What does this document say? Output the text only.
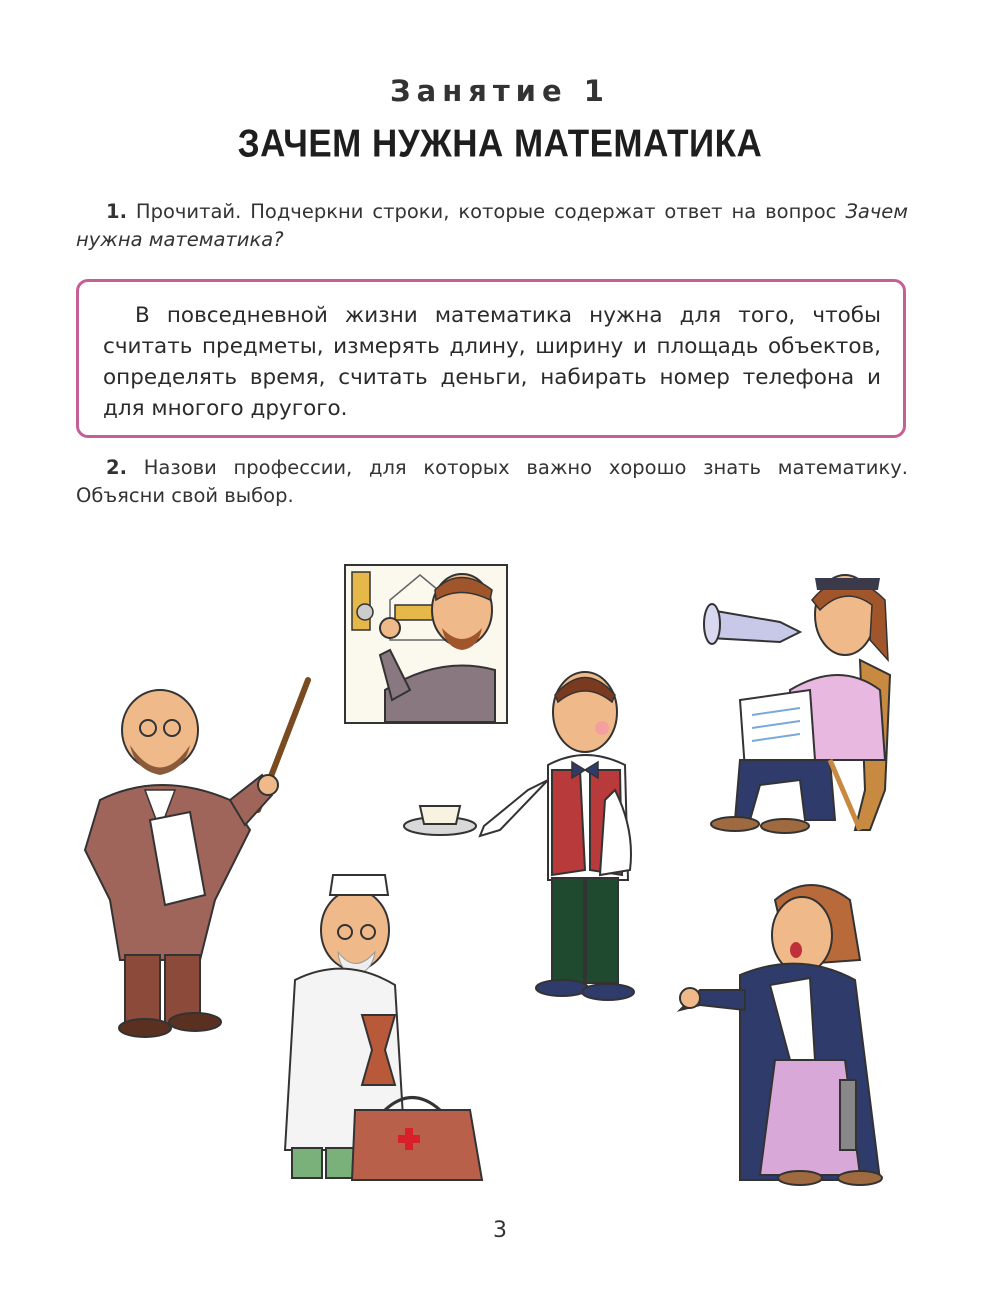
Занятие 1
ЗАЧЕМ НУЖНА МАТЕМАТИКА
1. Прочитай. Подчеркни строки, которые содержат ответ на вопрос Зачем нужна математика?

В повседневной жизни математика нужна для того, чтобы считать предметы, измерять длину, ширину и площадь объектов, определять время, считать деньги, набирать номер телефона и для многого другого.

2. Назови профессии, для которых важно хорошо знать математику. Объясни свой выбор.
3
